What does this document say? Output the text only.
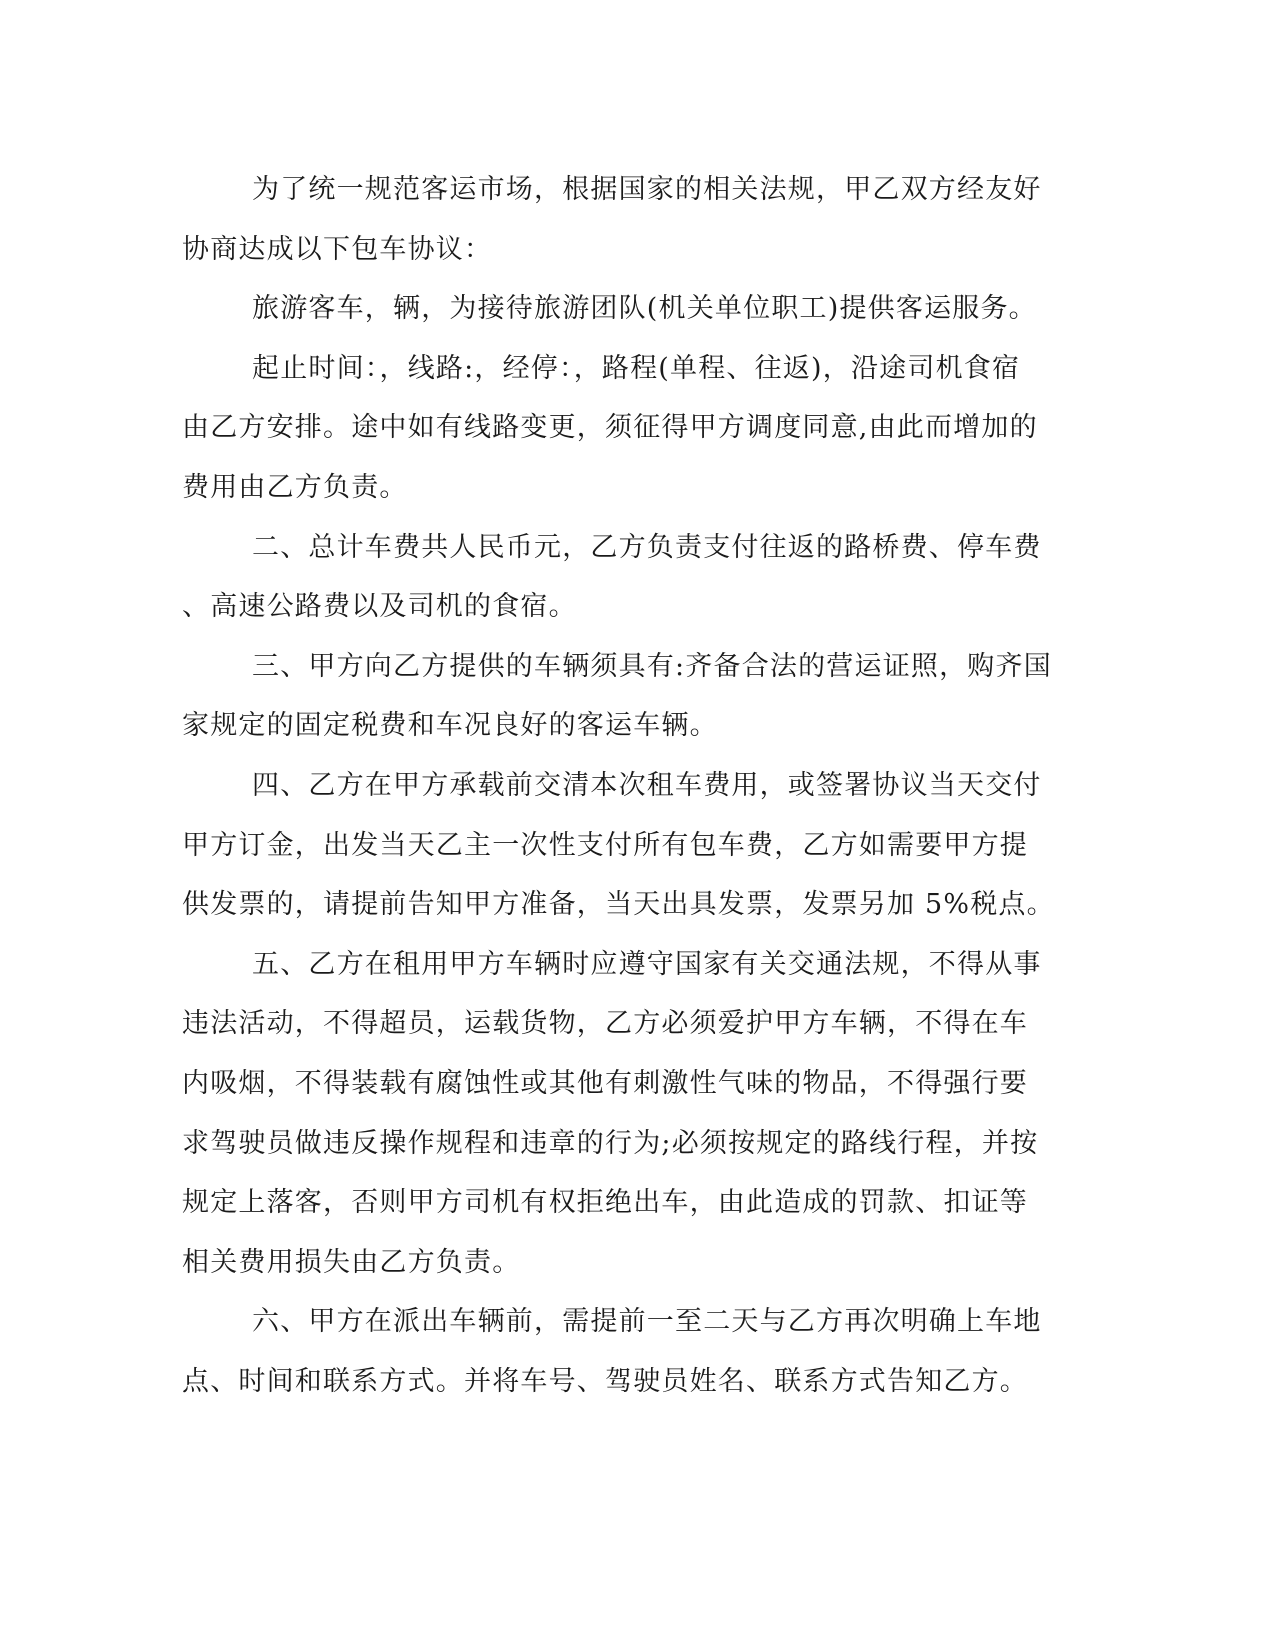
为了统一规范客运市场，根据国家的相关法规，甲乙双方经友好
协商达成以下包车协议：
旅游客车，辆，为接待旅游团队(机关单位职工)提供客运服务。
起止时间：，线路:，经停：，路程(单程、往返)，沿途司机食宿
由乙方安排。途中如有线路变更，须征得甲方调度同意,由此而增加的
费用由乙方负责。
二、总计车费共人民币元，乙方负责支付往返的路桥费、停车费
、高速公路费以及司机的食宿。
三、甲方向乙方提供的车辆须具有:齐备合法的营运证照，购齐国
家规定的固定税费和车况良好的客运车辆。
四、乙方在甲方承载前交清本次租车费用，或签署协议当天交付
甲方订金，出发当天乙主一次性支付所有包车费，乙方如需要甲方提
供发票的，请提前告知甲方准备，当天出具发票，发票另加 5%税点。
五、乙方在租用甲方车辆时应遵守国家有关交通法规，不得从事
违法活动，不得超员，运载货物，乙方必须爱护甲方车辆，不得在车
内吸烟，不得装载有腐蚀性或其他有刺激性气味的物品，不得强行要
求驾驶员做违反操作规程和违章的行为;必须按规定的路线行程，并按
规定上落客，否则甲方司机有权拒绝出车，由此造成的罚款、扣证等
相关费用损失由乙方负责。
六、甲方在派出车辆前，需提前一至二天与乙方再次明确上车地
点、时间和联系方式。并将车号、驾驶员姓名、联系方式告知乙方。
